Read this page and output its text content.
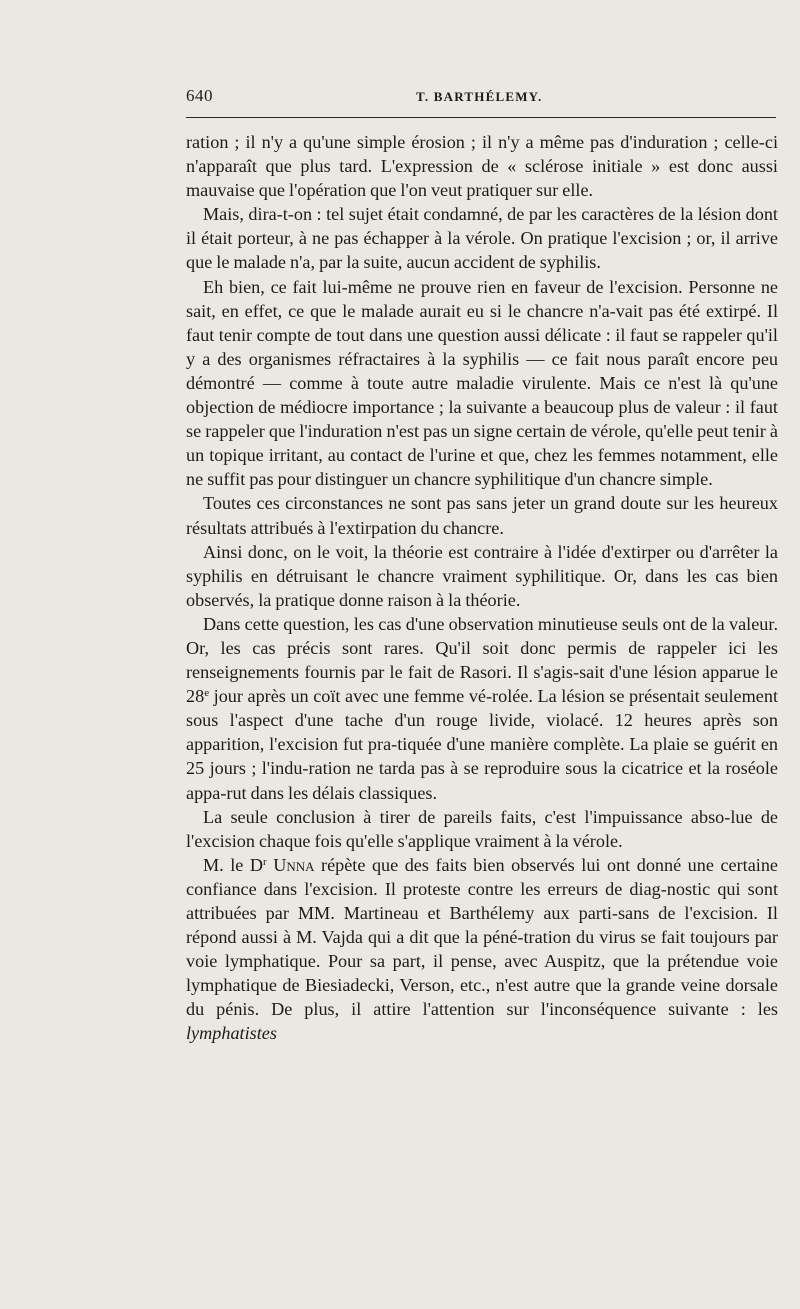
640	T. BARTHÉLEMY.

ration ; il n'y a qu'une simple érosion ; il n'y a même pas d'induration ; celle-ci n'apparaît que plus tard. L'expression de « sclérose initiale » est donc aussi mauvaise que l'opération que l'on veut pratiquer sur elle.

Mais, dira-t-on : tel sujet était condamné, de par les caractères de la lésion dont il était porteur, à ne pas échapper à la vérole. On pratique l'excision ; or, il arrive que le malade n'a, par la suite, aucun accident de syphilis.

Eh bien, ce fait lui-même ne prouve rien en faveur de l'excision. Personne ne sait, en effet, ce que le malade aurait eu si le chancre n'a-vait pas été extirpé. Il faut tenir compte de tout dans une question aussi délicate : il faut se rappeler qu'il y a des organismes réfractaires à la syphilis — ce fait nous paraît encore peu démontré — comme à toute autre maladie virulente. Mais ce n'est là qu'une objection de médiocre importance ; la suivante a beaucoup plus de valeur : il faut se rappeler que l'induration n'est pas un signe certain de vérole, qu'elle peut tenir à un topique irritant, au contact de l'urine et que, chez les femmes notamment, elle ne suffit pas pour distinguer un chancre syphilitique d'un chancre simple.

Toutes ces circonstances ne sont pas sans jeter un grand doute sur les heureux résultats attribués à l'extirpation du chancre.

Ainsi donc, on le voit, la théorie est contraire à l'idée d'extirper ou d'arrêter la syphilis en détruisant le chancre vraiment syphilitique. Or, dans les cas bien observés, la pratique donne raison à la théorie.

Dans cette question, les cas d'une observation minutieuse seuls ont de la valeur. Or, les cas précis sont rares. Qu'il soit donc permis de rappeler ici les renseignements fournis par le fait de Rasori. Il s'agis-sait d'une lésion apparue le 28e jour après un coït avec une femme vé-rolée. La lésion se présentait seulement sous l'aspect d'une tache d'un rouge livide, violacé. 12 heures après son apparition, l'excision fut pra-tiquée d'une manière complète. La plaie se guérit en 25 jours ; l'indu-ration ne tarda pas à se reproduire sous la cicatrice et la roséole appa-rut dans les délais classiques.

La seule conclusion à tirer de pareils faits, c'est l'impuissance abso-lue de l'excision chaque fois qu'elle s'applique vraiment à la vérole.

M. le $D^r$ Unna répète que des faits bien observés lui ont donné une certaine confiance dans l'excision. Il proteste contre les erreurs de diag-nostic qui sont attribuées par MM. Martineau et Barthélemy aux parti-sans de l'excision. Il répond aussi à M. Vajda qui a dit que la péné-tration du virus se fait toujours par voie lymphatique. Pour sa part, il pense, avec Auspitz, que la prétendue voie lymphatique de Biesiadecki, Verson, etc., n'est autre que la grande veine dorsale du pénis. De plus, il attire l'attention sur l'inconséquence suivante : les lymphatistes
